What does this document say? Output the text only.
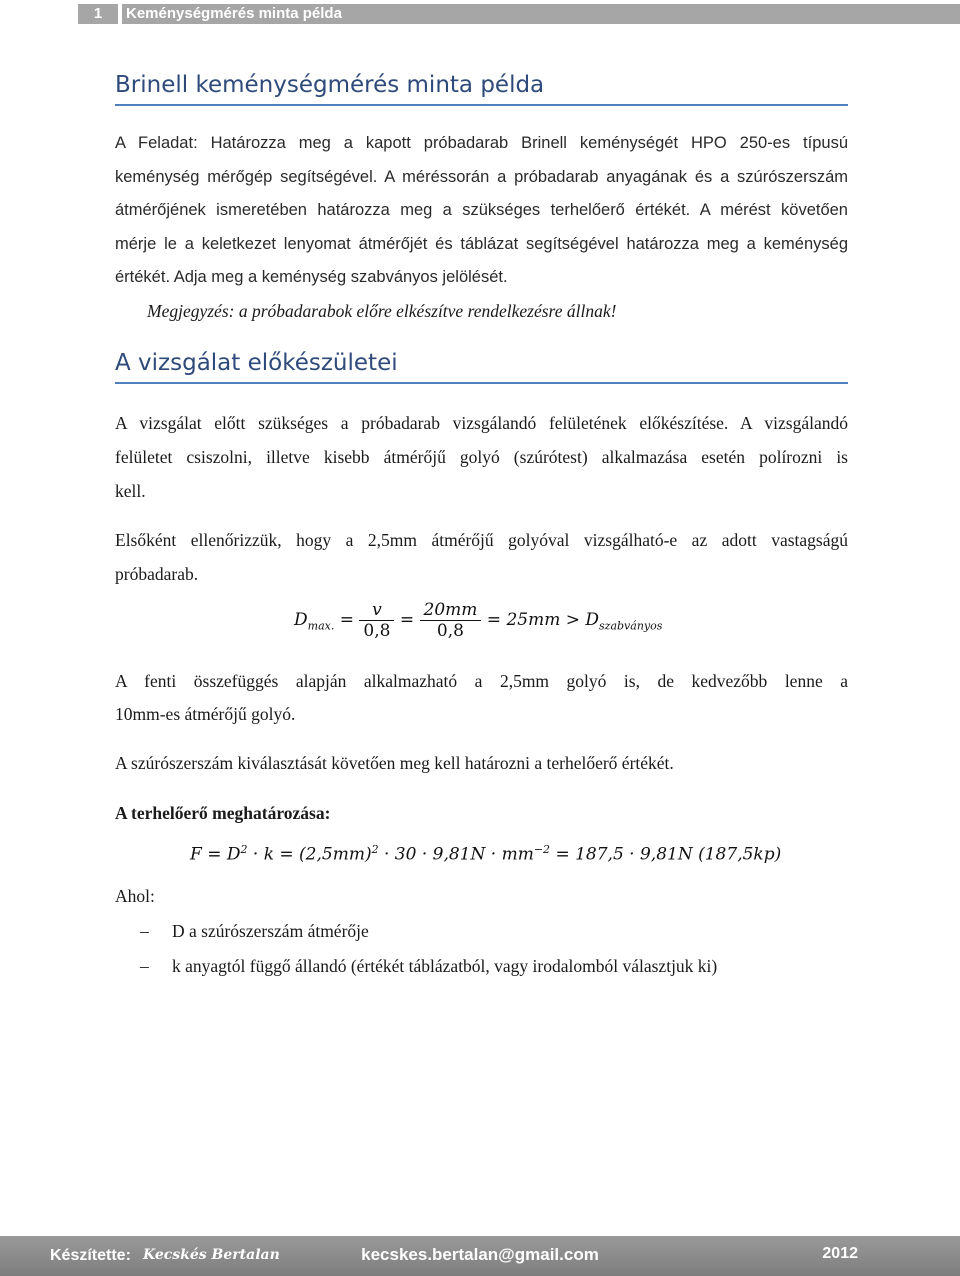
1	Keménységmérés minta példa
Brinell keménységmérés minta példa
A Feladat: Határozza meg a kapott próbadarab Brinell keménységét HPO 250-es típusú
keménység mérőgép segítségével. A méréssorán a próbadarab anyagának és a szúrószerszám
átmérőjének ismeretében határozza meg a szükséges terhelőerő értékét. A mérést követően
mérje le a keletkezet lenyomat átmérőjét és táblázat segítségével határozza meg a keménység
értékét. Adja meg a keménység szabványos jelölését.
Megjegyzés: a próbadarabok előre elkészítve rendelkezésre állnak!
A vizsgálat előkészületei
A vizsgálat előtt szükséges a próbadarab vizsgálandó felületének előkészítése. A vizsgálandó
felületet csiszolni, illetve kisebb átmérőjű golyó (szúrótest) alkalmazása esetén polírozni is
kell.
Elsőként ellenőrizzük, hogy a 2,5mm átmérőjű golyóval vizsgálható-e az adott vastagságú
próbadarab.
$D_{max.} = \frac{v}{0,8} = \frac{20mm}{0,8} = 25mm > D_{szabványos}$
A fenti összefüggés alapján alkalmazható a 2,5mm golyó is, de kedvezőbb lenne a
10mm-es átmérőjű golyó.
A szúrószerszám kiválasztását követően meg kell határozni a terhelőerő értékét.
A terhelőerő meghatározása:
$F = D^2 \cdot k = (2,5mm)^2 \cdot 30 \cdot 9,81N \cdot mm^{-2} = 187,5 \cdot 9,81N$ (187,5kp)
Ahol:
– D a szúrószerszám átmérője
– k anyagtól függő állandó (értékét táblázatból, vagy irodalomból választjuk ki)
Készítette: Kecskés Bertalan	kecskes.bertalan@gmail.com	2012
